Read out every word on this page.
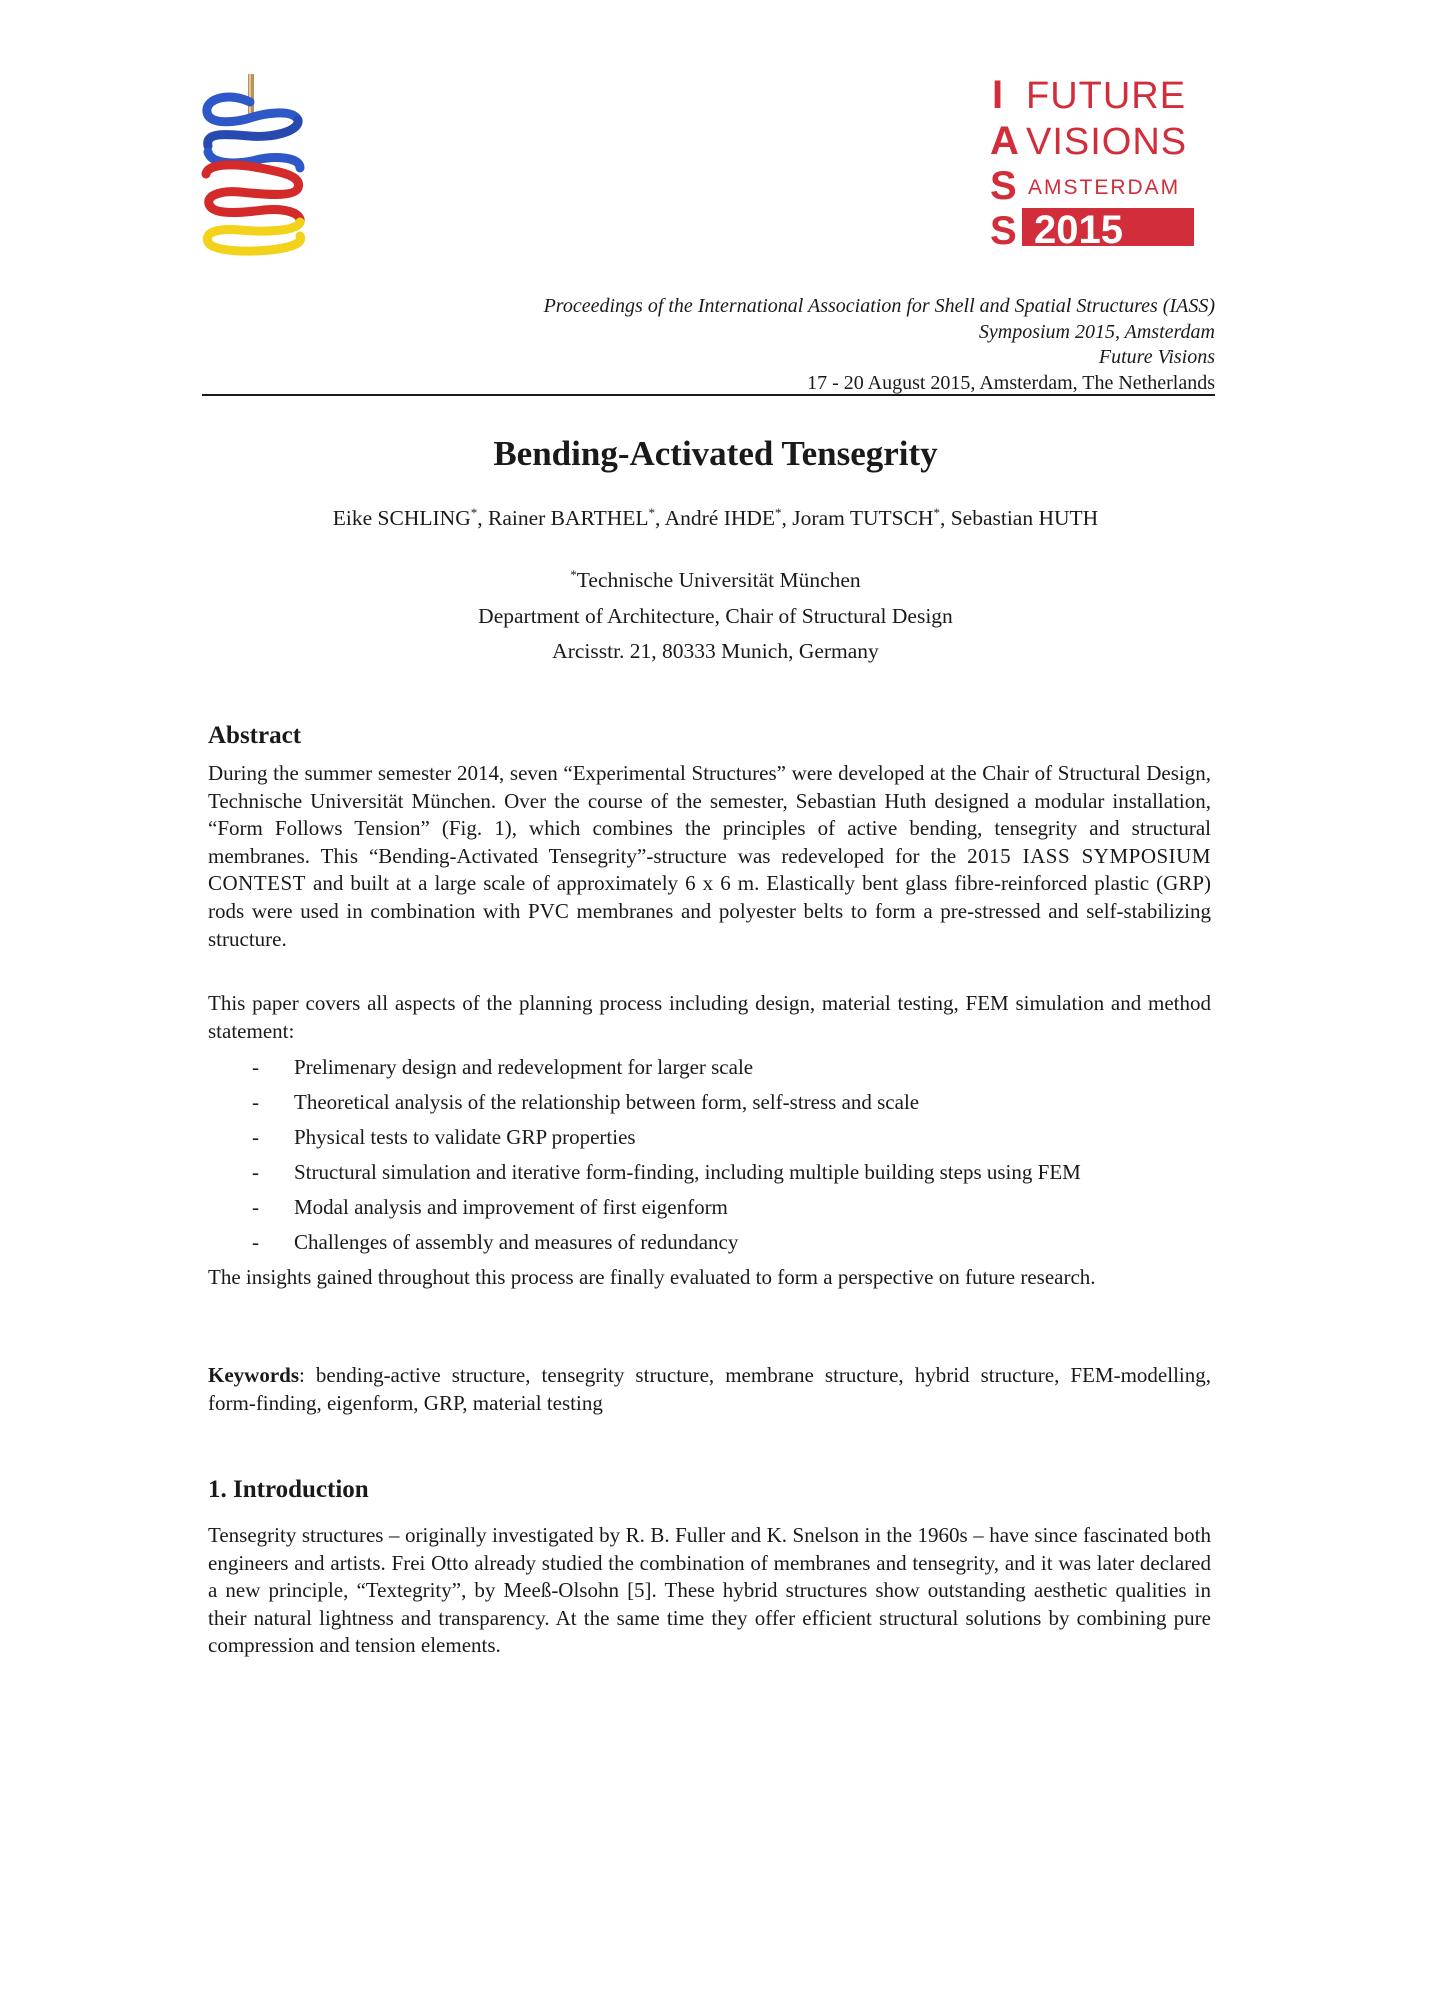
I
A
S
S
FUTURE
VISIONS
AMSTERDAM
2015
Proceedings of the International Association for Shell and Spatial Structures (IASS)
Symposium 2015, Amsterdam
Future Visions
17 - 20 August 2015, Amsterdam, The Netherlands
Bending-Activated Tensegrity
Eike SCHLING*, Rainer BARTHEL*, André IHDE*, Joram TUTSCH*, Sebastian HUTH
*Technische Universität München
Department of Architecture, Chair of Structural Design
Arcisstr. 21, 80333 Munich, Germany
Abstract

During the summer semester 2014, seven “Experimental Structures” were developed at the Chair of Structural Design, Technische Universität München. Over the course of the semester, Sebastian Huth designed a modular installation, “Form Follows Tension” (Fig. 1), which combines the principles of active bending, tensegrity and structural membranes. This “Bending-Activated Tensegrity”-structure was redeveloped for the 2015 IASS SYMPOSIUM CONTEST and built at a large scale of approximately 6 x 6 m. Elastically bent glass fibre-reinforced plastic (GRP) rods were used in combination with PVC membranes and polyester belts to form a pre-stressed and self-stabilizing structure.

This paper covers all aspects of the planning process including design, material testing, FEM simulation and method statement:

- Prelimenary design and redevelopment for larger scale
- Theoretical analysis of the relationship between form, self-stress and scale
- Physical tests to validate GRP properties
- Structural simulation and iterative form-finding, including multiple building steps using FEM
- Modal analysis and improvement of first eigenform
- Challenges of assembly and measures of redundancy

The insights gained throughout this process are finally evaluated to form a perspective on future research.

Keywords: bending-active structure, tensegrity structure, membrane structure, hybrid structure, FEM-modelling, form-finding, eigenform, GRP, material testing

1. Introduction

Tensegrity structures – originally investigated by R. B. Fuller and K. Snelson in the 1960s – have since fascinated both engineers and artists. Frei Otto already studied the combination of membranes and tensegrity, and it was later declared a new principle, “Textegrity”, by Meeß-Olsohn [5]. These hybrid structures show outstanding aesthetic qualities in their natural lightness and transparency. At the same time they offer efficient structural solutions by combining pure compression and tension elements.
